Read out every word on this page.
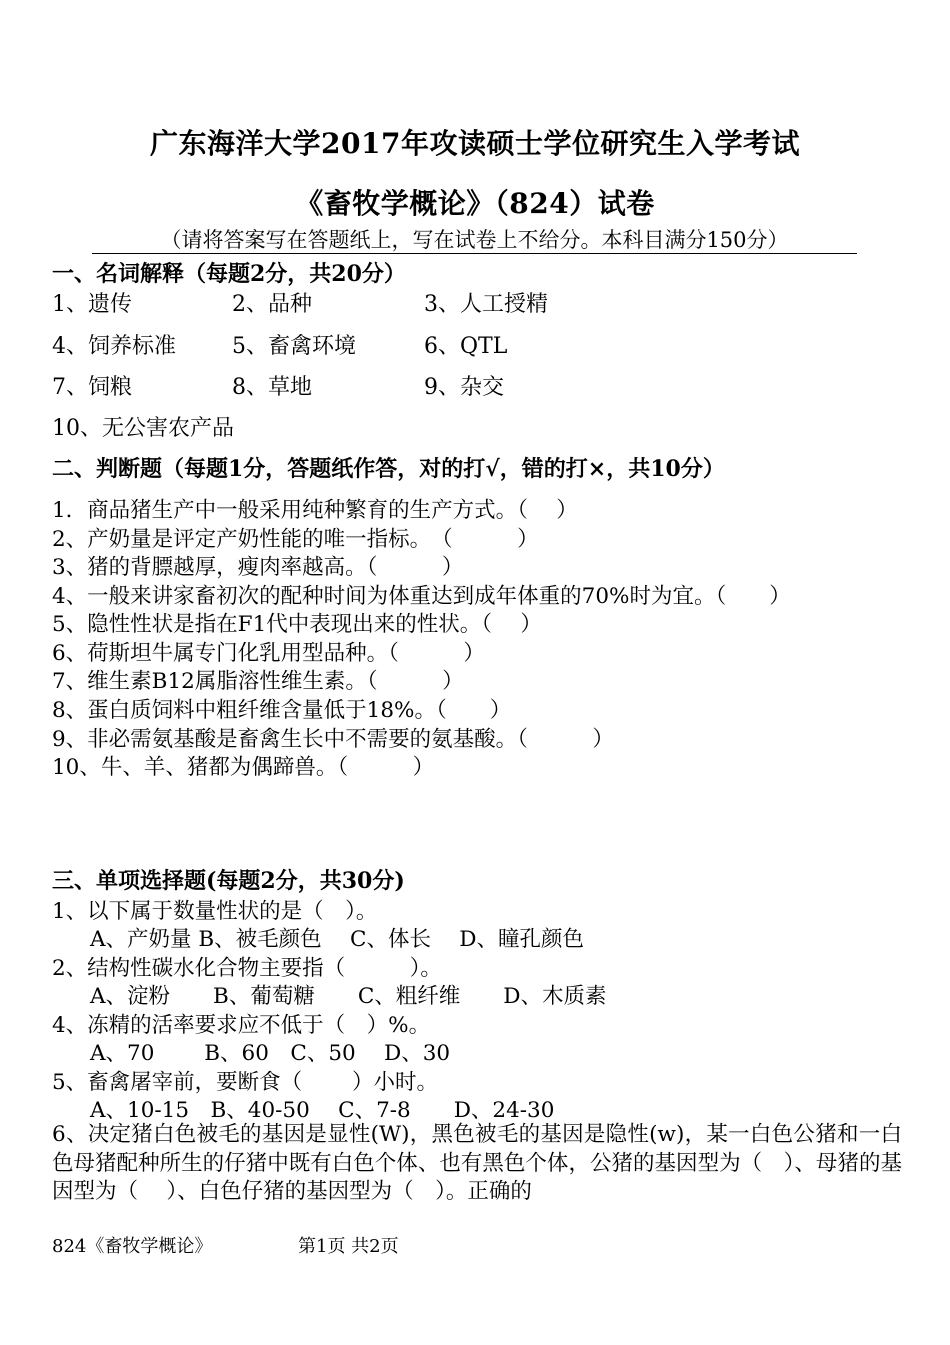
广东海洋大学2017年攻读硕士学位研究生入学考试
《畜牧学概论》（824）试卷
（请将答案写在答题纸上，写在试卷上不给分。本科目满分150分）
一、名词解释（每题2分，共20分）
1、遗传	2、品种	3、人工授精
4、饲养标准	5、畜禽环境	6、QTL
7、饲粮	8、草地	9、杂交
10、无公害农产品
二、判断题（每题1分，答题纸作答，对的打√，错的打×，共10分）
1．商品猪生产中一般采用纯种繁育的生产方式。（　 ）
2、产奶量是评定产奶性能的唯一指标。　（　　　）
3、猪的背膘越厚，瘦肉率越高。（　　　）
4、一般来讲家畜初次的配种时间为体重达到成年体重的70%时为宜。（　　）
5、隐性性状是指在F1代中表现出来的性状。（　 ）
6、荷斯坦牛属专门化乳用型品种。（　　　）
7、维生素B12属脂溶性维生素。（　　　）
8、蛋白质饲料中粗纤维含量低于18%。（　　）
9、非必需氨基酸是畜禽生长中不需要的氨基酸。（　　　）
10、牛、羊、猪都为偶蹄兽。（　　　）
三、单项选择题(每题2分，共30分)
1、以下属于数量性状的是（　）。
A、产奶量 B、被毛颜色　 C、体长　 D、瞳孔颜色
2、结构性碳水化合物主要指（　　　）。
A、淀粉　　B、葡萄糖　　C、粗纤维　　D、木质素
4、冻精的活率要求应不低于（　）%。
A、70　　 B、60　C、50　 D、30
5、畜禽屠宰前，要断食（　　 ）小时。
A、10-15　B、40-50　 C、7-8　　D、24-30
6、决定猪白色被毛的基因是显性(W)，黑色被毛的基因是隐性(w)，某一白色公猪和一白色母猪配种所生的仔猪中既有白色个体、也有黑色个体，公猪的基因型为（　）、母猪的基因型为（　 ）、白色仔猪的基因型为（　）。正确的
824《畜牧学概论》	第1页 共2页
